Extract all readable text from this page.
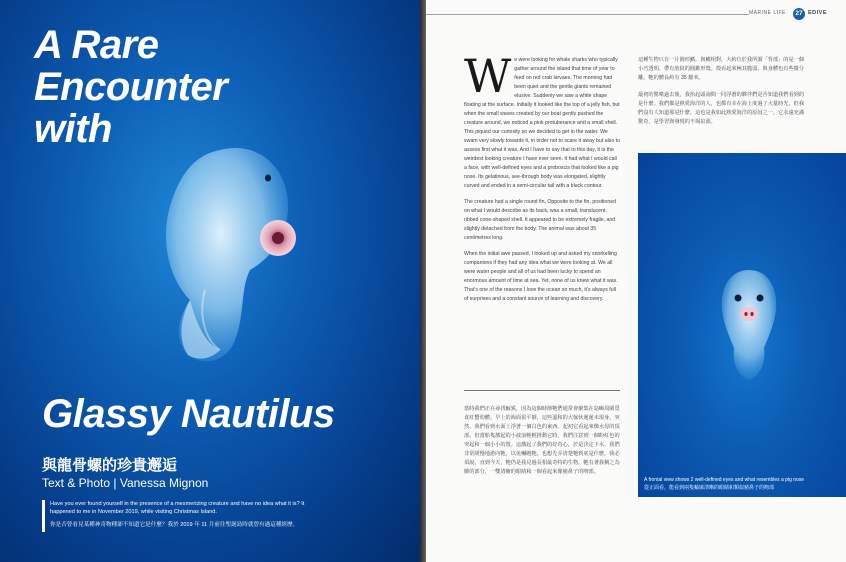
A Rare
Encounter
with
Glassy Nautilus

與龍骨螺的珍貴邂逅

Text & Photo | Vanessa Mignon

Have you ever found yourself in the presence of a mesmerizing creature and have no idea what it is? It happened to me in November 2019, while visiting Christmas Island.

你是否曾看見某種神奇物種卻不知道它是什麼？我於 2019 年 11 月前往聖誕島時就曾有過這種經歷。

MARINE LIFE	27 EDIVE

We were looking for whale sharks who typically gather around the island that time of year to feed on red crab larvaes. The morning had been quiet and the gentle giants remained elusive. Suddenly we saw a white shape floating at the surface. Initially it looked like the top of a jelly fish, but when the small waves created by our boat gently pushed the creature around, we noticed a pink protuberance and a small shell. This piqued our curiosity so we decided to get in the water. We swam very slowly towards it, in order not to scare it away but also to assess first what it was. And I have to say that to this day, it is the weirdest looking creature I have ever seen. It had what I would call a face, with well-defined eyes and a proboscis that looked like a pig nose. Its gelatinous, see-through body was elongated, slightly curved and ended in a semi-circular tail with a black contour.

The creature had a single round fin. Opposite to the fin, positioned on what I would describe as its back, was a small, translucent, ribbed cone-shaped shell. It appeared to be extremely fragile, and slightly detached from the body. The animal was about 35 centimetres long.

When the initial awe passed, I looked up and asked my snorkelling companions if they had any idea what we were looking at. We all were water people and all of us had been lucky to spend an enormous amount of time at sea. Yet, none of us knew what it was. That's one of the reasons I love the ocean so much, it's always full of surprises and a constant source of learning and discovery.

當時我們正在尋找鯨鯊，因為這個時節牠們通常會聚集在島嶼周圍覓食紅蟹幼體。早上的海面很平靜，這些溫和的大傢伙遲遲未現身。突然，我們看到水面上浮著一個白色的東西。起初它看起來像水母的頂部，但當船隻激起的小波浪輕輕推動它時，我們注意到一個粉紅色的突起和一個小小的殼。這激起了我們的好奇心，於是決定下水。我們非常緩慢地游向牠，以免嚇跑牠，也想先弄清楚牠到底是什麼。我必須說，直到今天，牠仍是我見過長相最奇特的生物。牠有著我稱之為臉的部分，一雙清晰的眼睛和一個看起來像豬鼻子的吻部。

這種生物只有一片圓形鰭。與鰭相對，大約位於我所謂「背部」的是一個小巧透明、帶有肋紋的圓錐形殼。殼看起來極其脆弱，與身體也有些微分離。牠的體長約有 35 釐米。

最初的驚嘆過去後，我抬起頭詢問一同浮潛的夥伴們是否知道我們看到的是什麼。我們都是熱愛海洋的人，也都有幸在海上度過了大量時光，但我們沒有人知道那是什麼。這也是我如此熱愛海洋的原因之一，它永遠充滿驚奇，是學習與發現的不竭泉源。

A frontal view shows 2 well-defined eyes and what resembles a pig nose

從正面看，能看到兩隻輪廓清晰的眼睛和類似豬鼻子的吻部
